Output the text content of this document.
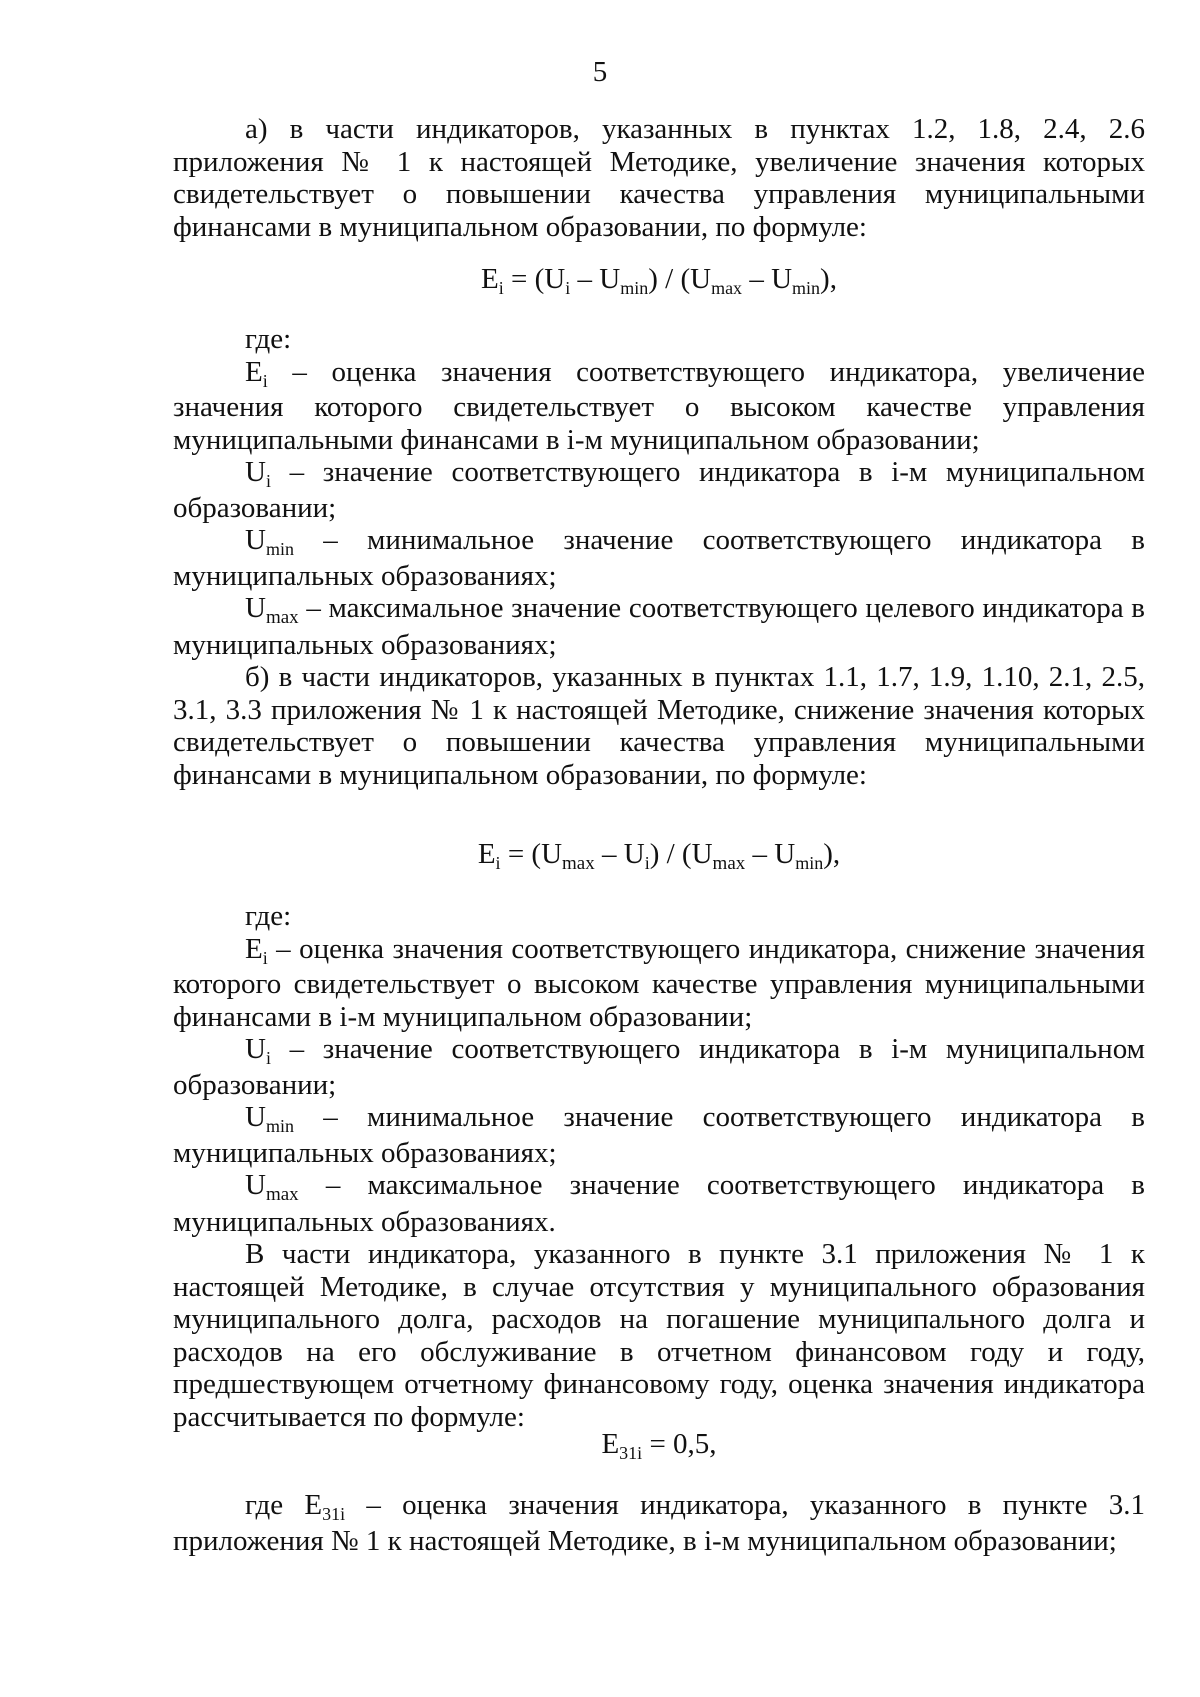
5

а) в части индикаторов, указанных в пунктах 1.2, 1.8, 2.4, 2.6 приложения № 1 к настоящей Методике, увеличение значения которых свидетельствует о повышении качества управления муниципальными финансами в муниципальном образовании, по формуле:

$E_i = (U_i - U_{min}) / (U_{max} - U_{min})$,

где:

$E_i$ – оценка значения соответствующего индикатора, увеличение значения которого свидетельствует о высоком качестве управления муниципальными финансами в i-м муниципальном образовании;

$U_i$ – значение соответствующего индикатора в i-м муниципальном образовании;

$U_{min}$ – минимальное значение соответствующего индикатора в муниципальных образованиях;

$U_{max}$ – максимальное значение соответствующего целевого индикатора в муниципальных образованиях;

б) в части индикаторов, указанных в пунктах 1.1, 1.7, 1.9, 1.10, 2.1, 2.5, 3.1, 3.3 приложения № 1 к настоящей Методике, снижение значения которых свидетельствует о повышении качества управления муниципальными финансами в муниципальном образовании, по формуле:

$E_i = (U_{max} - U_i) / (U_{max} - U_{min})$,

где:

$E_i$ – оценка значения соответствующего индикатора, снижение значения которого свидетельствует о высоком качестве управления муниципальными финансами в i-м муниципальном образовании;

$U_i$ – значение соответствующего индикатора в i-м муниципальном образовании;

$U_{min}$ – минимальное значение соответствующего индикатора в муниципальных образованиях;

$U_{max}$ – максимальное значение соответствующего индикатора в муниципальных образованиях.

В части индикатора, указанного в пункте 3.1 приложения № 1 к настоящей Методике, в случае отсутствия у муниципального образования муниципального долга, расходов на погашение муниципального долга и расходов на его обслуживание в отчетном финансовом году и году, предшествующем отчетному финансовому году, оценка значения индикатора рассчитывается по формуле:

$E_{31i} = 0,5$,

где $E_{31i}$ – оценка значения индикатора, указанного в пункте 3.1 приложения № 1 к настоящей Методике, в i-м муниципальном образовании;
